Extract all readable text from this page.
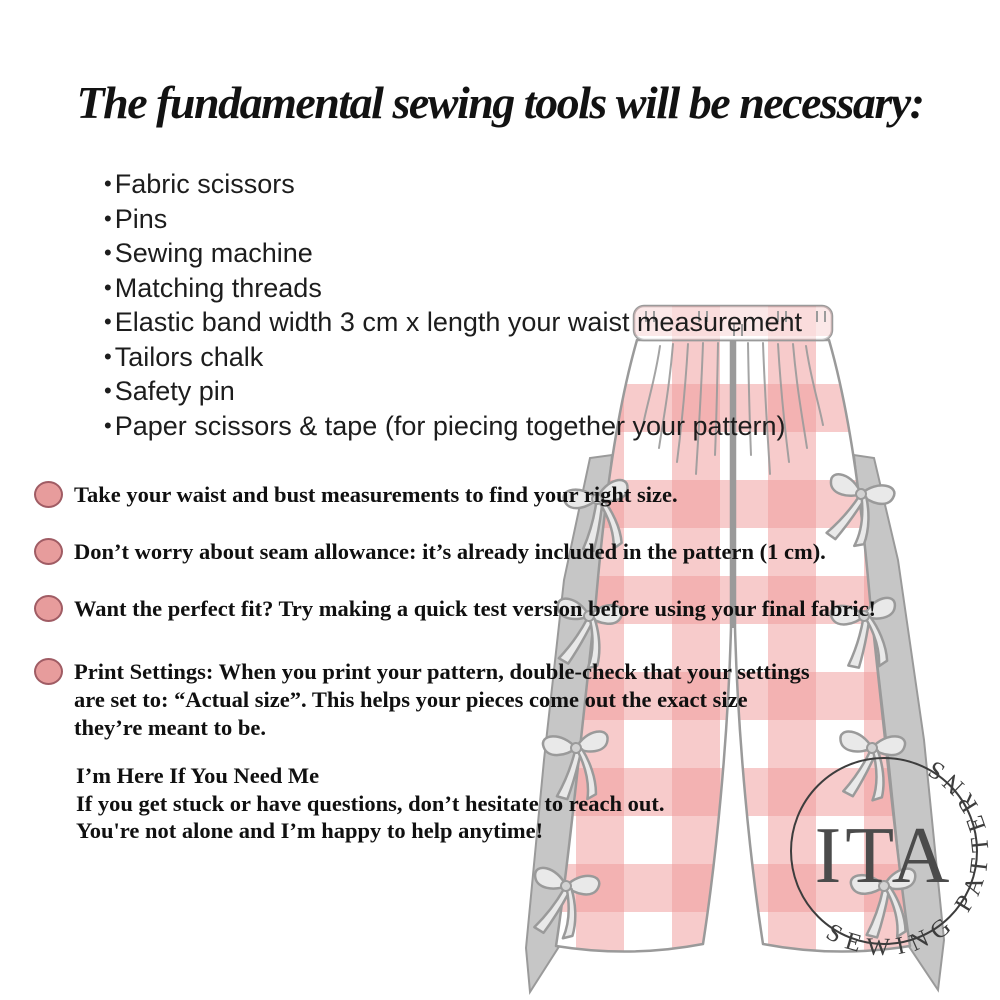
ITA
SEWING PATTERNS
The fundamental sewing tools will be necessary:
• Fabric scissors
• Pins
• Sewing machine
• Matching threads
• Elastic band width 3 cm x length your waist measurement
• Tailors chalk
• Safety pin
• Paper scissors & tape (for piecing together your pattern)
Take your waist and bust measurements to find your right size.
Don’t worry about seam allowance: it’s already included in the pattern (1 cm).
Want the perfect fit? Try making a quick test version before using your final fabric!
Print Settings: When you print your pattern, double-check that your settings
are set to: “Actual size”. This helps your pieces come out the exact size
they’re meant to be.
I’m Here If You Need Me
If you get stuck or have questions, don’t hesitate to reach out.
You're not alone and I’m happy to help anytime!
